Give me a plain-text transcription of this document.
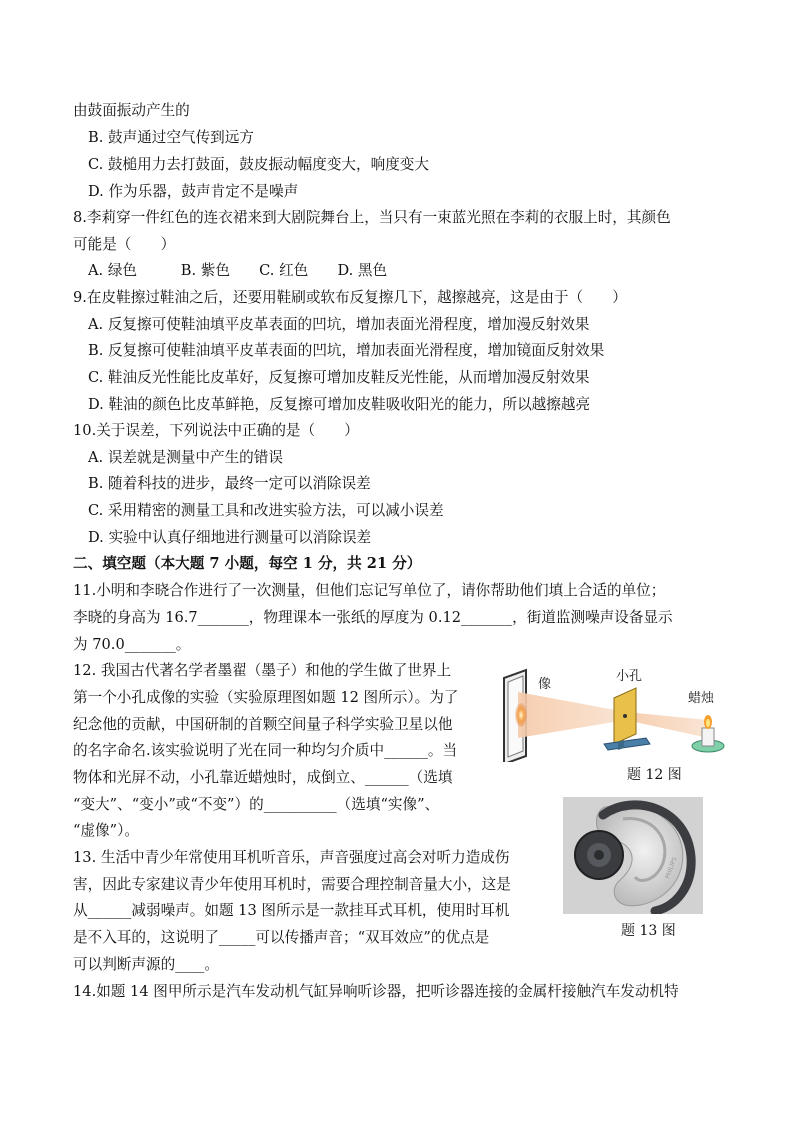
由鼓面振动产生的
B. 鼓声通过空气传到远方
C. 鼓槌用力去打鼓面，鼓皮振动幅度变大，响度变大
D. 作为乐器，鼓声肯定不是噪声
8.李莉穿一件红色的连衣裙来到大剧院舞台上，当只有一束蓝光照在李莉的衣服上时，其颜色
可能是（　　）
A. 绿色　　　B. 紫色　　C. 红色　　D. 黑色
9.在皮鞋擦过鞋油之后，还要用鞋刷或软布反复擦几下，越擦越亮，这是由于（　　）
A. 反复擦可使鞋油填平皮革表面的凹坑，增加表面光滑程度，增加漫反射效果
B. 反复擦可使鞋油填平皮革表面的凹坑，增加表面光滑程度，增加镜面反射效果
C. 鞋油反光性能比皮革好，反复擦可增加皮鞋反光性能，从而增加漫反射效果
D. 鞋油的颜色比皮革鲜艳，反复擦可增加皮鞋吸收阳光的能力，所以越擦越亮
10.关于误差，下列说法中正确的是（　　）
A. 误差就是测量中产生的错误
B. 随着科技的进步，最终一定可以消除误差
C. 采用精密的测量工具和改进实验方法，可以减小误差
D. 实验中认真仔细地进行测量可以消除误差
二、填空题（本大题 7 小题，每空 1 分，共 21 分）
11.小明和李晓合作进行了一次测量，但他们忘记写单位了，请你帮助他们填上合适的单位；
李晓的身高为 16.7_______，物理课本一张纸的厚度为 0.12_______，街道监测噪声设备显示
为 70.0_______。
12. 我国古代著名学者墨翟（墨子）和他的学生做了世界上
第一个小孔成像的实验（实验原理图如题 12 图所示）。为了
纪念他的贡献，中国研制的首颗空间量子科学实验卫星以他
的名字命名.该实验说明了光在同一种均匀介质中______。当
物体和光屏不动，小孔靠近蜡烛时，成倒立、______（选填
“变大”、“变小”或“不变”）的__________（选填“实像”、
“虚像”）。
13. 生活中青少年常使用耳机听音乐，声音强度过高会对听力造成伤
害，因此专家建议青少年使用耳机时，需要合理控制音量大小，这是
从______减弱噪声。如题 13 图所示是一款挂耳式耳机，使用时耳机
是不入耳的，这说明了_____可以传播声音；“双耳效应”的优点是
可以判断声源的____。
14.如题 14 图甲所示是汽车发动机气缸异响听诊器，把听诊器连接的金属杆接触汽车发动机特
像
小孔
蜡烛
题 12 图
PHILIPS
题 13 图
